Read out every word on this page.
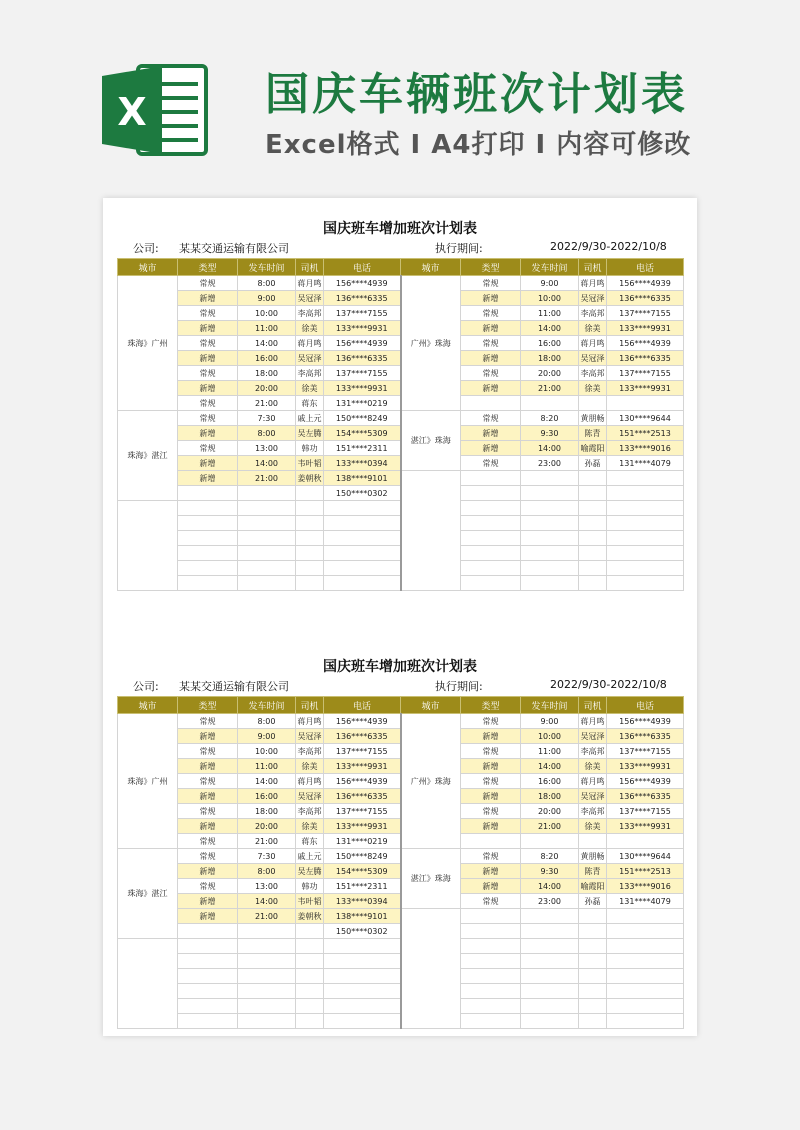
X	国庆车辆班次计划表
Excel格式 I A4打印 I 内容可修改
国庆班车增加班次计划表
公司: 某某交通运输有限公司	执行期间:	2022/9/30-2022/10/8
城市	类型	发车时间	司机	电话	城市	类型	发车时间	司机	电话
珠海》广州	常规	8:00	蒋月鸣	156****4939	广州》珠海	常规	9:00	蒋月鸣	156****4939
	新增	9:00	吴冠泽	136****6335		新增	10:00	吴冠泽	136****6335
	常规	10:00	李高邦	137****7155		常规	11:00	李高邦	137****7155
	新增	11:00	徐美	133****9931		新增	14:00	徐美	133****9931
	常规	14:00	蒋月鸣	156****4939		常规	16:00	蒋月鸣	156****4939
	新增	16:00	吴冠泽	136****6335		新增	18:00	吴冠泽	136****6335
	常规	18:00	李高邦	137****7155		常规	20:00	李高邦	137****7155
	新增	20:00	徐美	133****9931		新增	21:00	徐美	133****9931
	常规	21:00	蒋东	131****0219					
珠海》湛江	常规	7:30	戚上元	150****8249	湛江》珠海	常规	8:20	黄朋畅	130****9644
	新增	8:00	吴左腾	154****5309		新增	9:30	陈青	151****2513
	常规	13:00	韩功	151****2311		新增	14:00	喻霞阳	133****9016
	新增	14:00	韦叶韬	133****0394		常规	23:00	孙磊	131****4079
	新增	21:00	姜朝秋	138****9101					
				150****0302					

国庆班车增加班次计划表
公司: 某某交通运输有限公司	执行期间:	2022/9/30-2022/10/8
城市	类型	发车时间	司机	电话	城市	类型	发车时间	司机	电话
珠海》广州	常规	8:00	蒋月鸣	156****4939	广州》珠海	常规	9:00	蒋月鸣	156****4939
	新增	9:00	吴冠泽	136****6335		新增	10:00	吴冠泽	136****6335
	常规	10:00	李高邦	137****7155		常规	11:00	李高邦	137****7155
	新增	11:00	徐美	133****9931		新增	14:00	徐美	133****9931
	常规	14:00	蒋月鸣	156****4939		常规	16:00	蒋月鸣	156****4939
	新增	16:00	吴冠泽	136****6335		新增	18:00	吴冠泽	136****6335
	常规	18:00	李高邦	137****7155		常规	20:00	李高邦	137****7155
	新增	20:00	徐美	133****9931		新增	21:00	徐美	133****9931
	常规	21:00	蒋东	131****0219					
珠海》湛江	常规	7:30	戚上元	150****8249	湛江》珠海	常规	8:20	黄朋畅	130****9644
	新增	8:00	吴左腾	154****5309		新增	9:30	陈青	151****2513
	常规	13:00	韩功	151****2311		新增	14:00	喻霞阳	133****9016
	新增	14:00	韦叶韬	133****0394		常规	23:00	孙磊	131****4079
	新增	21:00	姜朝秋	138****9101					
				150****0302					
